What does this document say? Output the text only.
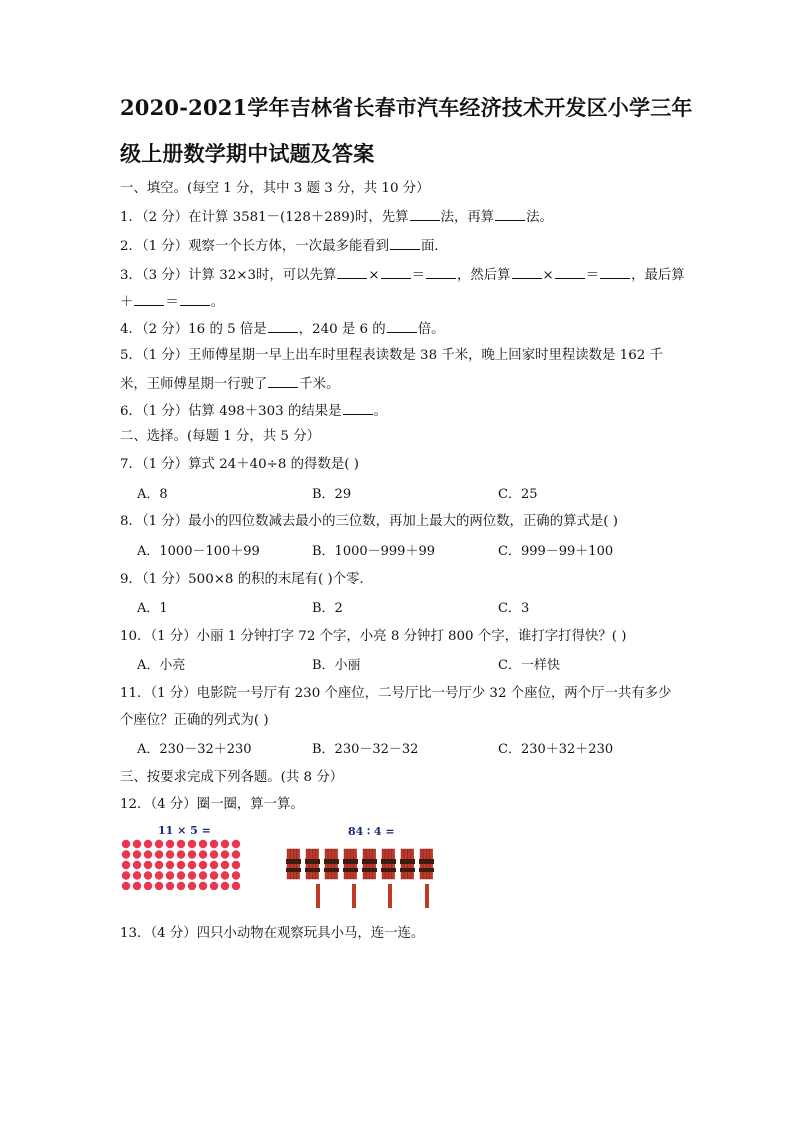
2020-2021学年吉林省长春市汽车经济技术开发区小学三年
级上册数学期中试题及答案
一、填空。(每空 1 分，其中 3 题 3 分，共 10 分）
1．（2 分）在计算 3581－(128＋289)时，先算 法，再算 法。
2．（1 分）观察一个长方体，一次最多能看到 面．
3．（3 分）计算 32×3时，可以先算 × ＝ ，然后算 × ＝ ，最后算
＋ ＝ 。
4．（2 分）16 的 5 倍是 ，240 是 6 的 倍。
5．（1 分）王师傅星期一早上出车时里程表读数是 38 千米，晚上回家时里程读数是 162 千
米，王师傅星期一行驶了 千米。
6．（1 分）估算 498＋303 的结果是 。
二、选择。(每题 1 分，共 5 分）
7．（1 分）算式 24＋40÷8 的得数是( )
A．8	B．29	C．25
8．（1 分）最小的四位数减去最小的三位数，再加上最大的两位数，正确的算式是( )
A．1000－100＋99	B．1000－999＋99	C．999－99＋100
9．（1 分）500×8 的积的末尾有( )个零．
A．1	B．2	C．3
10．（1 分）小丽 1 分钟打字 72 个字，小亮 8 分钟打 800 个字，谁打字打得快？( )
A．小亮	B．小丽	C．一样快
11．（1 分）电影院一号厅有 230 个座位，二号厅比一号厅少 32 个座位，两个厅一共有多少
个座位？正确的列式为( )
A．230－32＋230	B．230－32－32	C．230＋32＋230
三、按要求完成下列各题。(共 8 分）
12．（4 分）圈一圈，算一算。
11 × 5 =	84 ∶ 4 =
13．（4 分）四只小动物在观察玩具小马，连一连。
